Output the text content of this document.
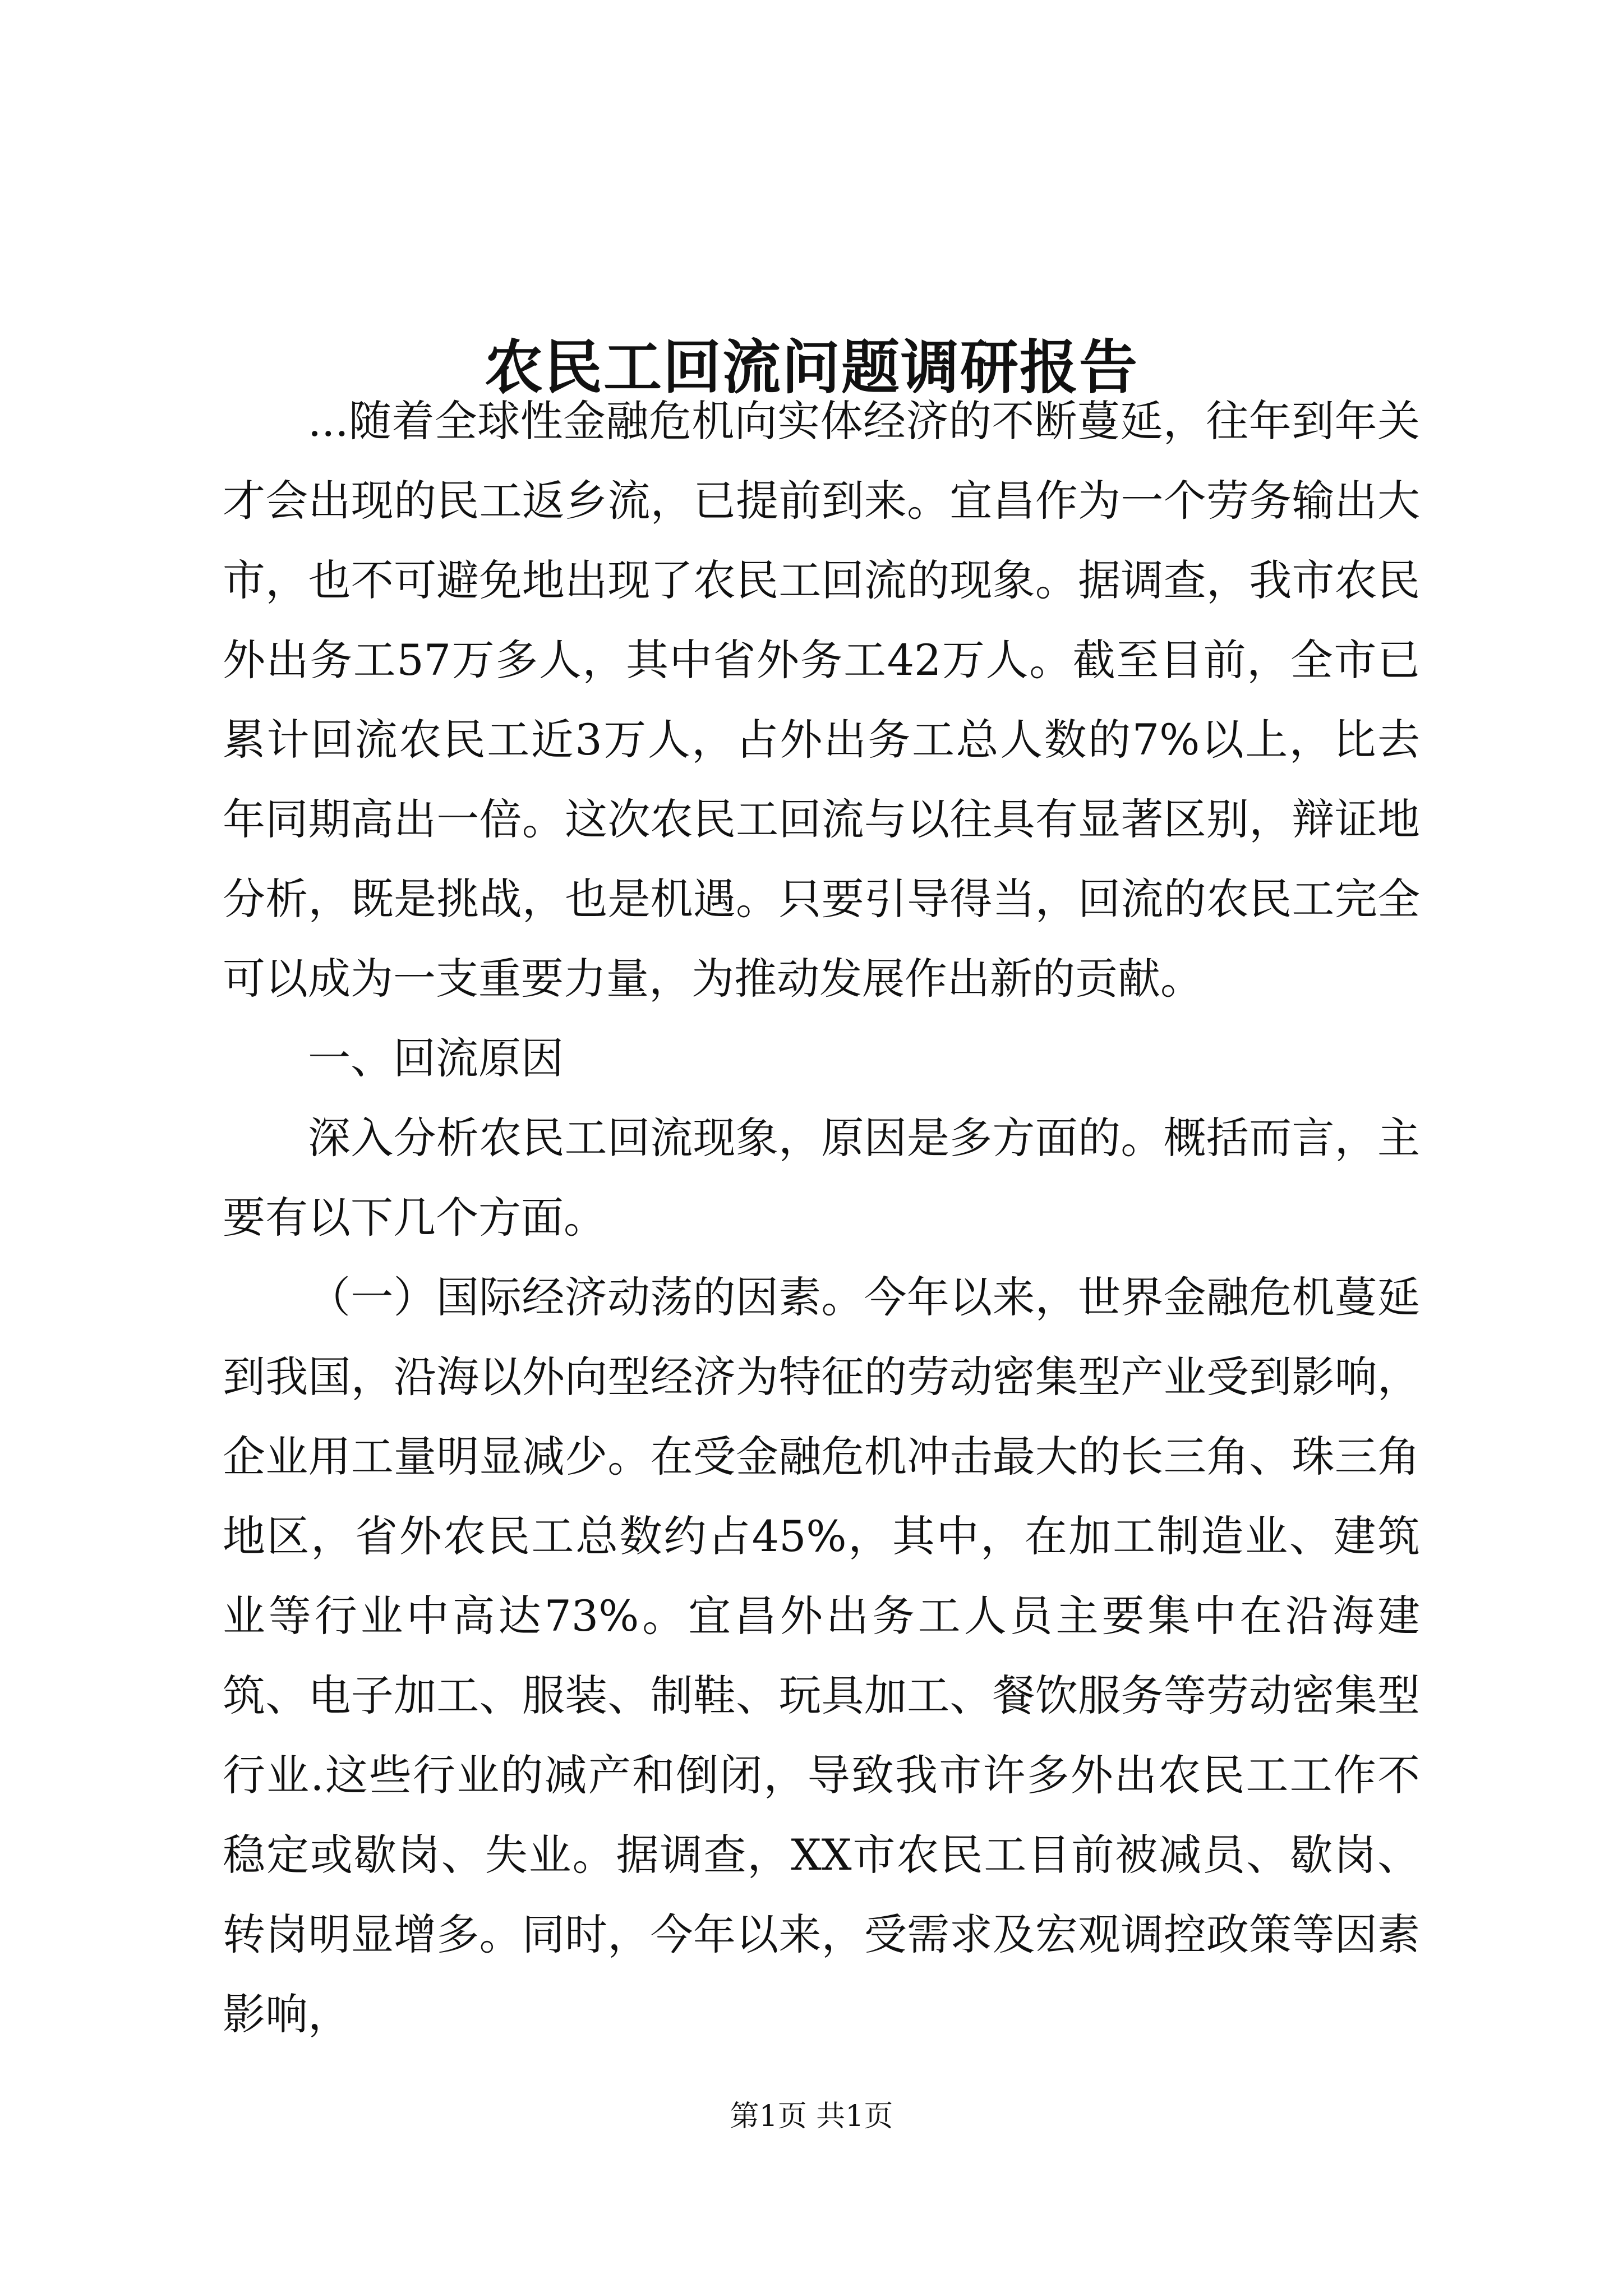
农民工回流问题调研报告

...随着全球性金融危机向实体经济的不断蔓延，往年到年关才会出现的民工返乡流，已提前到来。宜昌作为一个劳务输出大市，也不可避免地出现了农民工回流的现象。据调查，我市农民外出务工57万多人，其中省外务工42万人。截至目前，全市已累计回流农民工近3万人，占外出务工总人数的7%以上，比去年同期高出一倍。这次农民工回流与以往具有显著区别，辩证地分析，既是挑战，也是机遇。只要引导得当，回流的农民工完全可以成为一支重要力量，为推动发展作出新的贡献。

一、回流原因

深入分析农民工回流现象，原因是多方面的。概括而言，主要有以下几个方面。

（一）国际经济动荡的因素。今年以来，世界金融危机蔓延到我国，沿海以外向型经济为特征的劳动密集型产业受到影响，企业用工量明显减少。在受金融危机冲击最大的长三角、珠三角地区，省外农民工总数约占45%，其中，在加工制造业、建筑业等行业中高达73%。宜昌外出务工人员主要集中在沿海建筑、电子加工、服装、制鞋、玩具加工、餐饮服务等劳动密集型行业.这些行业的减产和倒闭，导致我市许多外出农民工工作不稳定或歇岗、失业。据调查，XX市农民工目前被减员、歇岗、转岗明显增多。同时，今年以来，受需求及宏观调控政策等因素影响，

第1页 共1页
